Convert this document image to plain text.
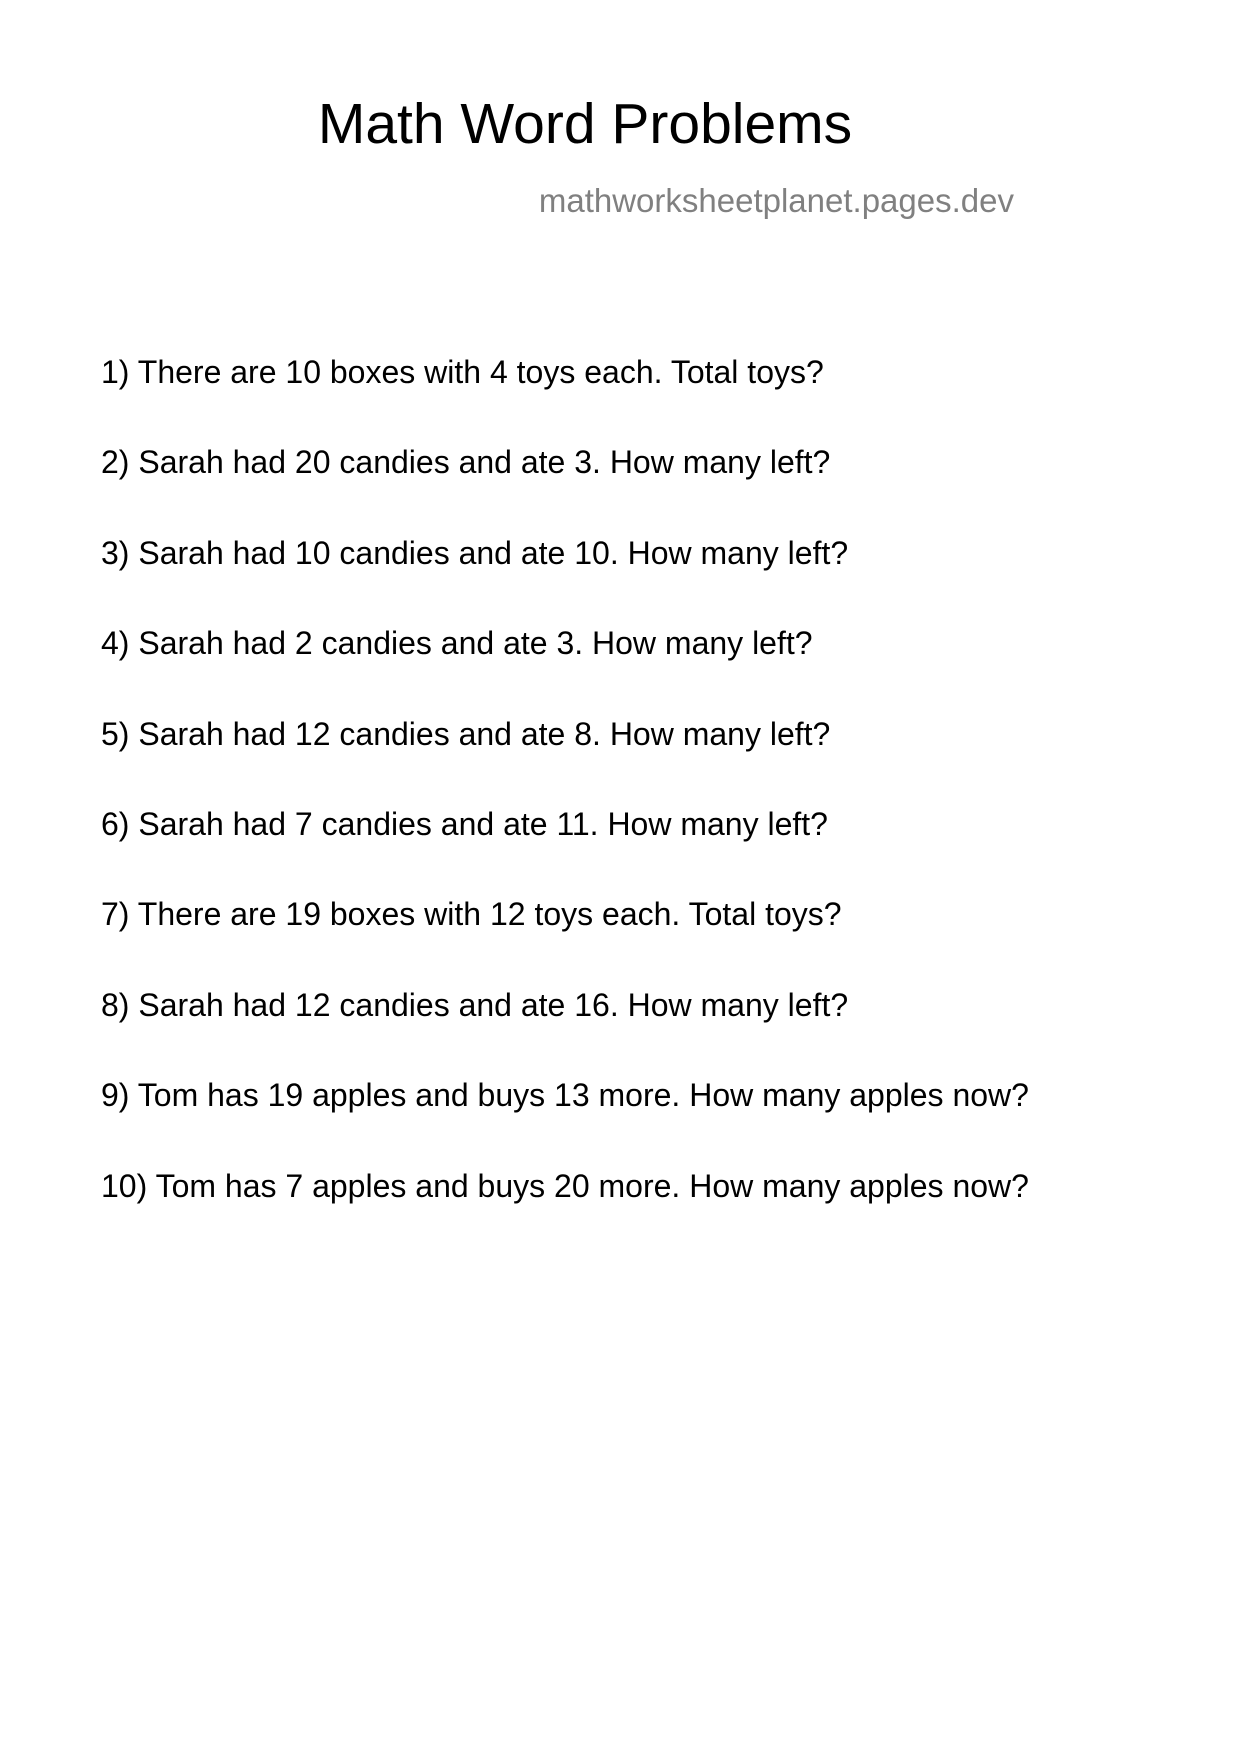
Math Word Problems
mathworksheetplanet.pages.dev
1) There are 10 boxes with 4 toys each. Total toys?
2) Sarah had 20 candies and ate 3. How many left?
3) Sarah had 10 candies and ate 10. How many left?
4) Sarah had 2 candies and ate 3. How many left?
5) Sarah had 12 candies and ate 8. How many left?
6) Sarah had 7 candies and ate 11. How many left?
7) There are 19 boxes with 12 toys each. Total toys?
8) Sarah had 12 candies and ate 16. How many left?
9) Tom has 19 apples and buys 13 more. How many apples now?
10) Tom has 7 apples and buys 20 more. How many apples now?
